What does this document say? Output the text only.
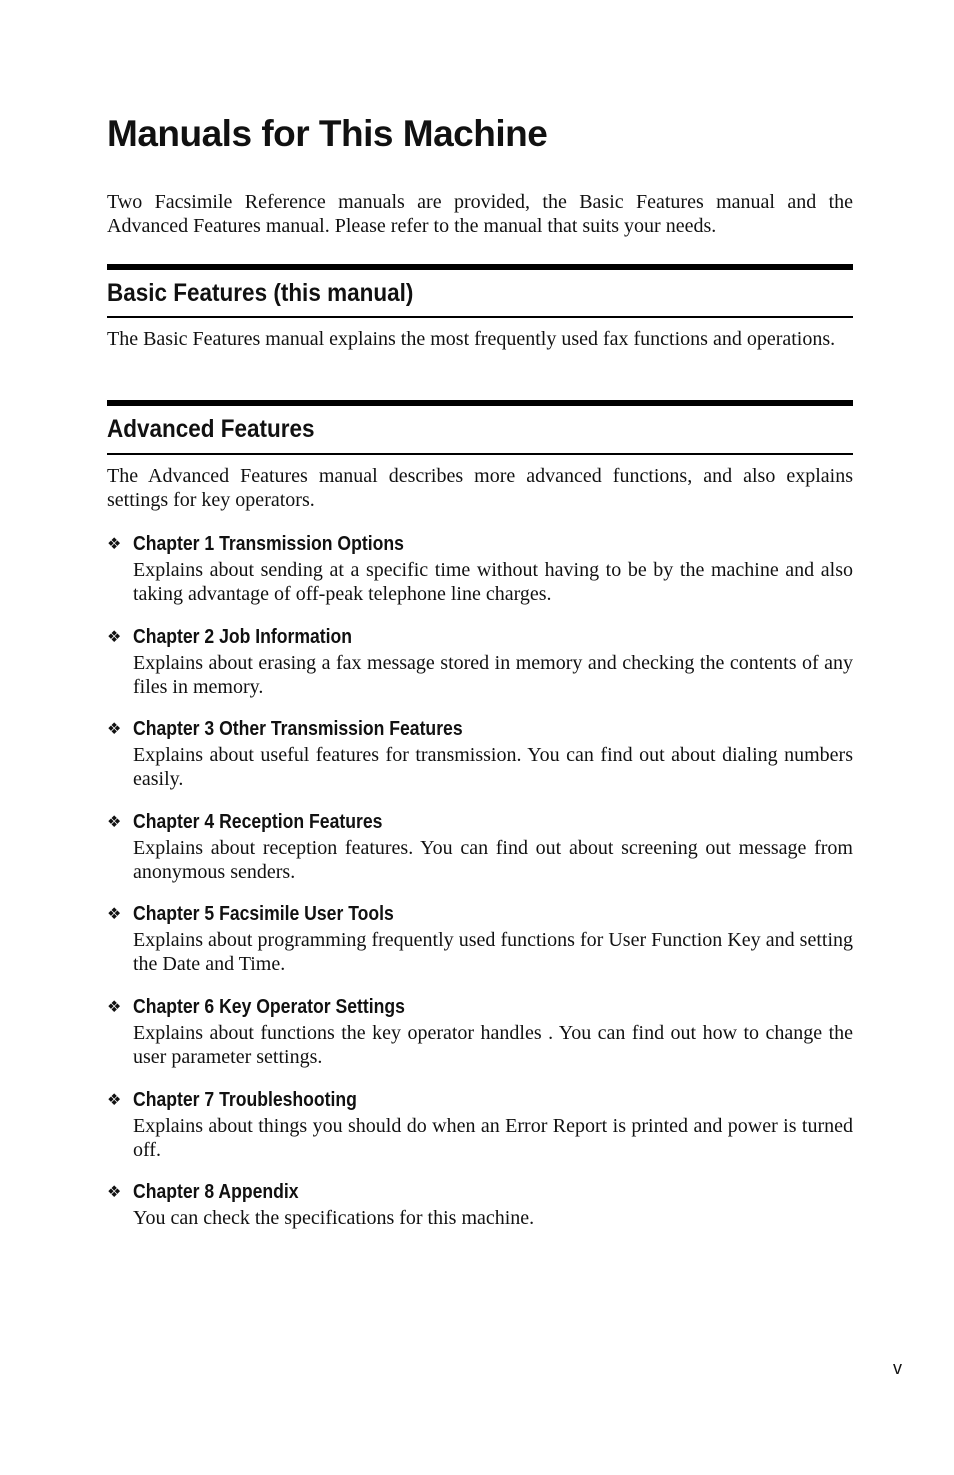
Manuals for This Machine

Two Facsimile Reference manuals are provided, the Basic Features manual and the Advanced Features manual. Please refer to the manual that suits your needs.

Basic Features (this manual)

The Basic Features manual explains the most frequently used fax functions and operations.

Advanced Features

The Advanced Features manual describes more advanced functions, and also explains settings for key operators.

❖ Chapter 1 Transmission Options

Explains about sending at a specific time without having to be by the machine and also taking advantage of off-peak telephone line charges.

❖ Chapter 2 Job Information

Explains about erasing a fax message stored in memory and checking the contents of any files in memory.

❖ Chapter 3 Other Transmission Features

Explains about useful features for transmission. You can find out about dialing numbers easily.

❖ Chapter 4 Reception Features

Explains about reception features. You can find out about screening out message from anonymous senders.

❖ Chapter 5 Facsimile User Tools

Explains about programming frequently used functions for User Function Key and setting the Date and Time.

❖ Chapter 6 Key Operator Settings

Explains about functions the key operator handles . You can find out how to change the user parameter settings.

❖ Chapter 7 Troubleshooting

Explains about things you should do when an Error Report is printed and power is turned off.

❖ Chapter 8 Appendix

You can check the specifications for this machine.

v
